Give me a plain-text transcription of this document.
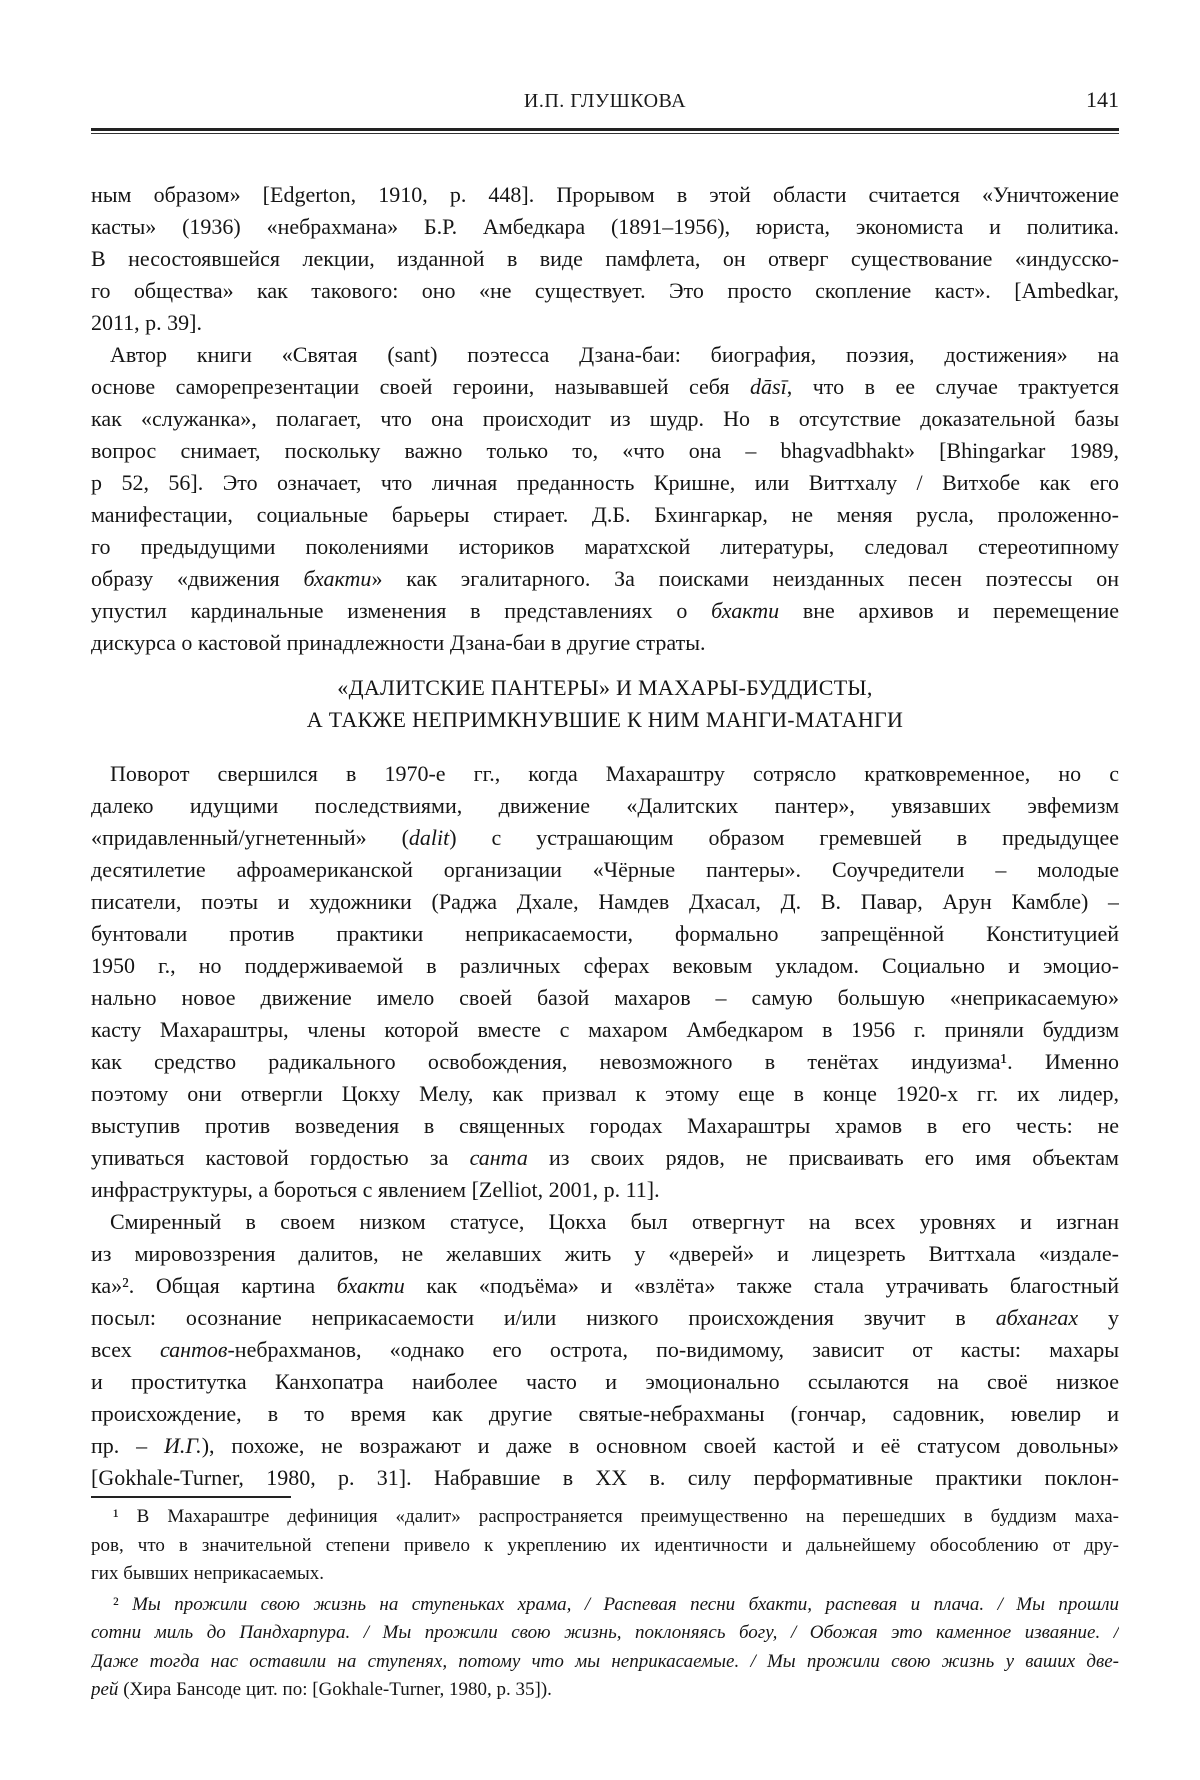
И.П. ГЛУШКОВА	141
ным образом» [Edgerton, 1910, p. 448]. Прорывом в этой области считается «Уничтожение
касты» (1936) «небрахмана» Б.Р. Амбедкара (1891–1956), юриста, экономиста и политика.
В несостоявшейся лекции, изданной в виде памфлета, он отверг существование «индусско-
го общества» как такового: оно «не существует. Это просто скопление каст». [Ambedkar,
2011, p. 39].
Автор книги «Святая (sant) поэтесса Дзана-баи: биография, поэзия, достижения» на
основе саморепрезентации своей героини, называвшей себя dāsī, что в ее случае трактуется
как «служанка», полагает, что она происходит из шудр. Но в отсутствие доказательной базы
вопрос снимает, поскольку важно только то, «что она – bhagvadbhakt» [Bhingarkar 1989,
p 52, 56]. Это означает, что личная преданность Кришне, или Виттхалу / Витхобе как его
манифестации, социальные барьеры стирает. Д.Б. Бхингаркар, не меняя русла, проложенно-
го предыдущими поколениями историков маратхской литературы, следовал стереотипному
образу «движения бхакти» как эгалитарного. За поисками неизданных песен поэтессы он
упустил кардинальные изменения в представлениях о бхакти вне архивов и перемещение
дискурса о кастовой принадлежности Дзана-баи в другие страты.
«ДАЛИТСКИЕ ПАНТЕРЫ» И МАХАРЫ-БУДДИСТЫ,
А ТАКЖЕ НЕПРИМКНУВШИЕ К НИМ МАНГИ-МАТАНГИ
Поворот свершился в 1970-е гг., когда Махараштру сотрясло кратковременное, но с
далеко идущими последствиями, движение «Далитских пантер», увязавших эвфемизм
«придавленный/угнетенный» (dalit) с устрашающим образом гремевшей в предыдущее
десятилетие афроамериканской организации «Чёрные пантеры». Соучредители – молодые
писатели, поэты и художники (Раджа Дхале, Намдев Дхасал, Д. В. Павар, Арун Камбле) –
бунтовали против практики неприкасаемости, формально запрещённой Конституцией
1950 г., но поддерживаемой в различных сферах вековым укладом. Социально и эмоцио-
нально новое движение имело своей базой махаров – самую большую «неприкасаемую»
касту Махараштры, члены которой вместе с махаром Амбедкаром в 1956 г. приняли буддизм
как средство радикального освобождения, невозможного в тенётах индуизма¹. Именно
поэтому они отвергли Цокху Мелу, как призвал к этому еще в конце 1920-х гг. их лидер,
выступив против возведения в священных городах Махараштры храмов в его честь: не
упиваться кастовой гордостью за санта из своих рядов, не присваивать его имя объектам
инфраструктуры, а бороться с явлением [Zelliot, 2001, p. 11].
Смиренный в своем низком статусе, Цокха был отвергнут на всех уровнях и изгнан
из мировоззрения далитов, не желавших жить у «дверей» и лицезреть Виттхала «издале-
ка»². Общая картина бхакти как «подъёма» и «взлёта» также стала утрачивать благостный
посыл: осознание неприкасаемости и/или низкого происхождения звучит в абхангах у
всех сантов-небрахманов, «однако его острота, по-видимому, зависит от касты: махары
и проститутка Канхопатра наиболее часто и эмоционально ссылаются на своё низкое
происхождение, в то время как другие святые-небрахманы (гончар, садовник, ювелир и
пр. – И.Г.), похоже, не возражают и даже в основном своей кастой и её статусом довольны»
[Gokhale-Turner, 1980, p. 31]. Набравшие в XX в. силу перформативные практики поклон-
¹ В Махараштре дефиниция «далит» распространяется преимущественно на перешедших в буддизм маха-
ров, что в значительной степени привело к укреплению их идентичности и дальнейшему обособлению от дру-
гих бывших неприкасаемых.
² Мы прожили свою жизнь на ступеньках храма, / Распевая песни бхакти, распевая и плача. / Мы прошли
сотни миль до Пандхарпура. / Мы прожили свою жизнь, поклоняясь богу, / Обожая это каменное изваяние. /
Даже тогда нас оставили на ступенях, потому что мы неприкасаемые. / Мы прожили свою жизнь у ваших две-
рей (Хира Бансоде цит. по: [Gokhale-Turner, 1980, p. 35]).
